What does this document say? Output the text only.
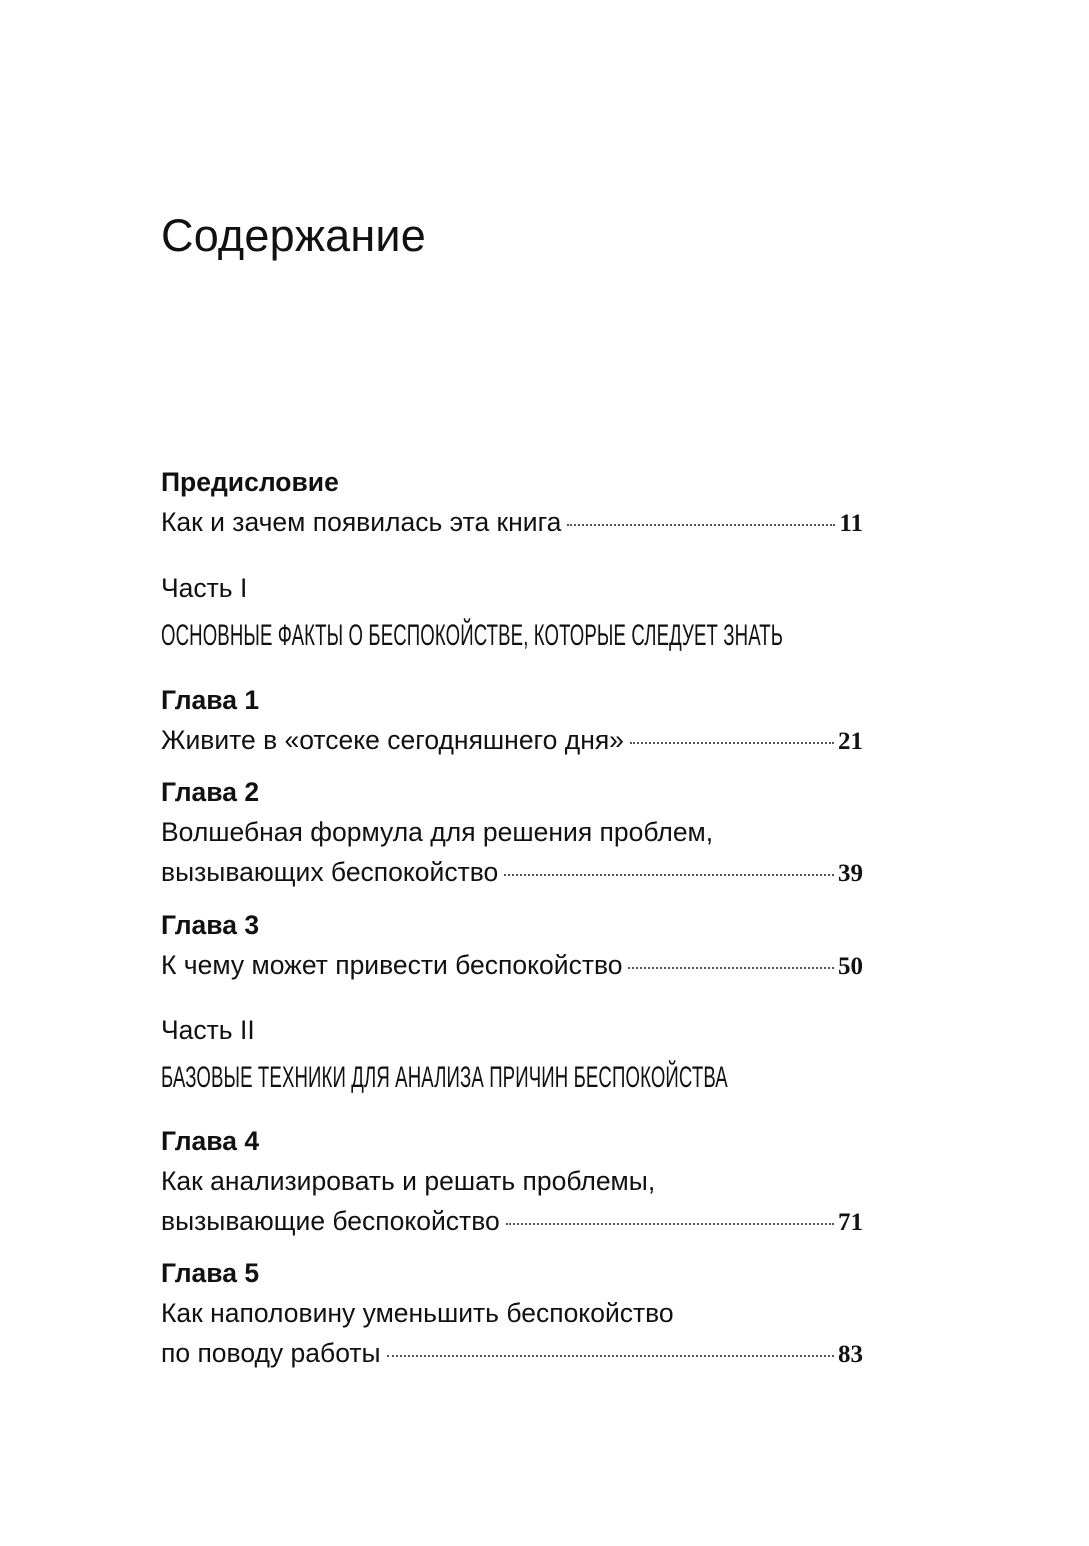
Содержание
Предисловие
Как и зачем появилась эта книга	11
Часть I
ОСНОВНЫЕ ФАКТЫ О БЕСПОКОЙСТВЕ, КОТОРЫЕ СЛЕДУЕТ ЗНАТЬ
Глава 1
Живите в «отсеке сегодняшнего дня»	21
Глава 2
Волшебная формула для решения проблем,
вызывающих беспокойство	39
Глава 3
К чему может привести беспокойство	50
Часть II
БАЗОВЫЕ ТЕХНИКИ ДЛЯ АНАЛИЗА ПРИЧИН БЕСПОКОЙСТВА
Глава 4
Как анализировать и решать проблемы,
вызывающие беспокойство	71
Глава 5
Как наполовину уменьшить беспокойство
по поводу работы	83
